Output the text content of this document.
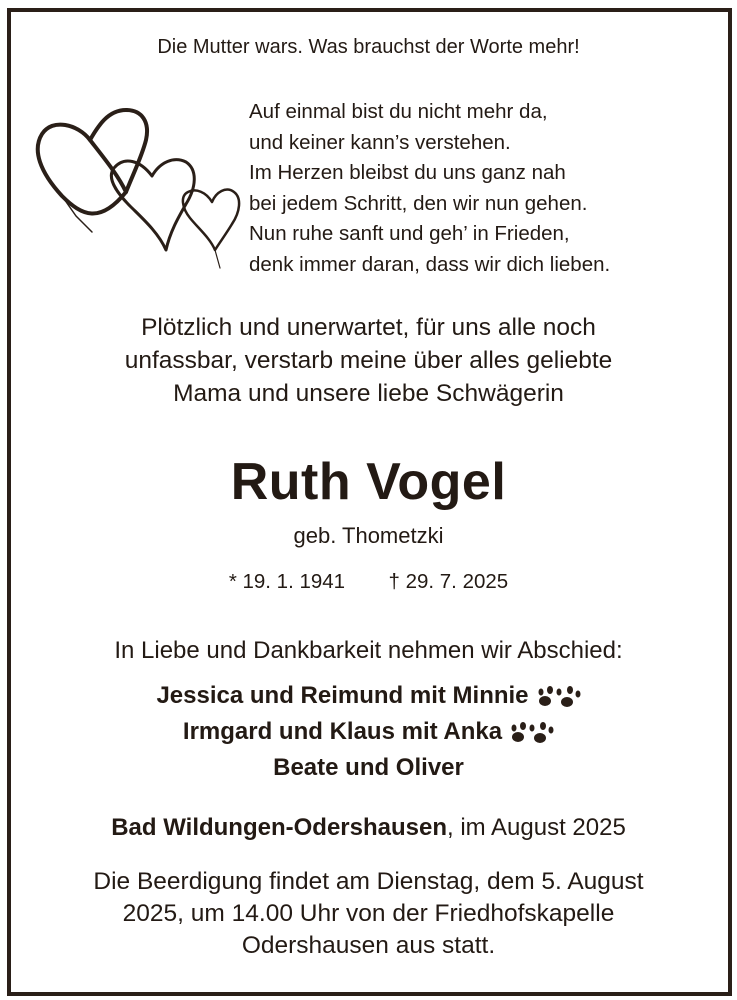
Die Mutter wars. Was brauchst der Worte mehr!
Auf einmal bist du nicht mehr da,
und keiner kann’s verstehen.
Im Herzen bleibst du uns ganz nah
bei jedem Schritt, den wir nun gehen.
Nun ruhe sanft und geh’ in Frieden,
denk immer daran, dass wir dich lieben.
Plötzlich und unerwartet, für uns alle noch
unfassbar, verstarb meine über alles geliebte
Mama und unsere liebe Schwägerin
Ruth Vogel
geb. Thometzki
* 19. 1. 1941 † 29. 7. 2025
In Liebe und Dankbarkeit nehmen wir Abschied:
Jessica und Reimund mit Minnie
Irmgard und Klaus mit Anka
Beate und Oliver
Bad Wildungen-Odershausen, im August 2025
Die Beerdigung findet am Dienstag, dem 5. August
2025, um 14.00 Uhr von der Friedhofskapelle
Odershausen aus statt.
